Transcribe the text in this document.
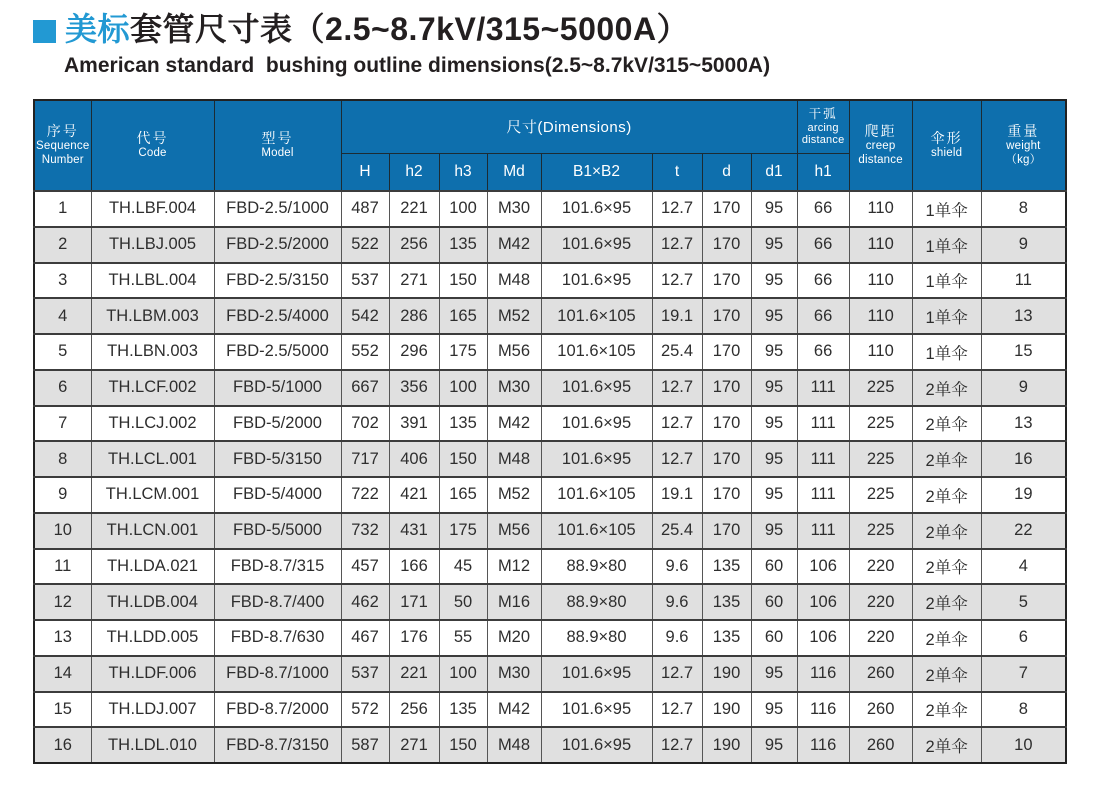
美标 套管尺寸表（2.5~8.7kV/315~5000A）
American standard  bushing outline dimensions(2.5~8.7kV/315~5000A)
序号
Sequence
Number	代号
Code	型号
Model	尺寸(Dimensions)								干弧
arcing
distance	爬距
creep
distance	伞形
shield	重量
weight
（kg）

			H	h2	h3	Md	B1×B2	t	d	d1	h1			
1	TH.LBF.004	FBD-2.5/1000	487	221	100	M30	101.6×95	12.7	170	95	66	110	1单伞	8
2	TH.LBJ.005	FBD-2.5/2000	522	256	135	M42	101.6×95	12.7	170	95	66	110	1单伞	9
3	TH.LBL.004	FBD-2.5/3150	537	271	150	M48	101.6×95	12.7	170	95	66	110	1单伞	11
4	TH.LBM.003	FBD-2.5/4000	542	286	165	M52	101.6×105	19.1	170	95	66	110	1单伞	13
5	TH.LBN.003	FBD-2.5/5000	552	296	175	M56	101.6×105	25.4	170	95	66	110	1单伞	15
6	TH.LCF.002	FBD-5/1000	667	356	100	M30	101.6×95	12.7	170	95	111	225	2单伞	9
7	TH.LCJ.002	FBD-5/2000	702	391	135	M42	101.6×95	12.7	170	95	111	225	2单伞	13
8	TH.LCL.001	FBD-5/3150	717	406	150	M48	101.6×95	12.7	170	95	111	225	2单伞	16
9	TH.LCM.001	FBD-5/4000	722	421	165	M52	101.6×105	19.1	170	95	111	225	2单伞	19
10	TH.LCN.001	FBD-5/5000	732	431	175	M56	101.6×105	25.4	170	95	111	225	2单伞	22
11	TH.LDA.021	FBD-8.7/315	457	166	45	M12	88.9×80	9.6	135	60	106	220	2单伞	4
12	TH.LDB.004	FBD-8.7/400	462	171	50	M16	88.9×80	9.6	135	60	106	220	2单伞	5
13	TH.LDD.005	FBD-8.7/630	467	176	55	M20	88.9×80	9.6	135	60	106	220	2单伞	6
14	TH.LDF.006	FBD-8.7/1000	537	221	100	M30	101.6×95	12.7	190	95	116	260	2单伞	7
15	TH.LDJ.007	FBD-8.7/2000	572	256	135	M42	101.6×95	12.7	190	95	116	260	2单伞	8
16	TH.LDL.010	FBD-8.7/3150	587	271	150	M48	101.6×95	12.7	190	95	116	260	2单伞	10
